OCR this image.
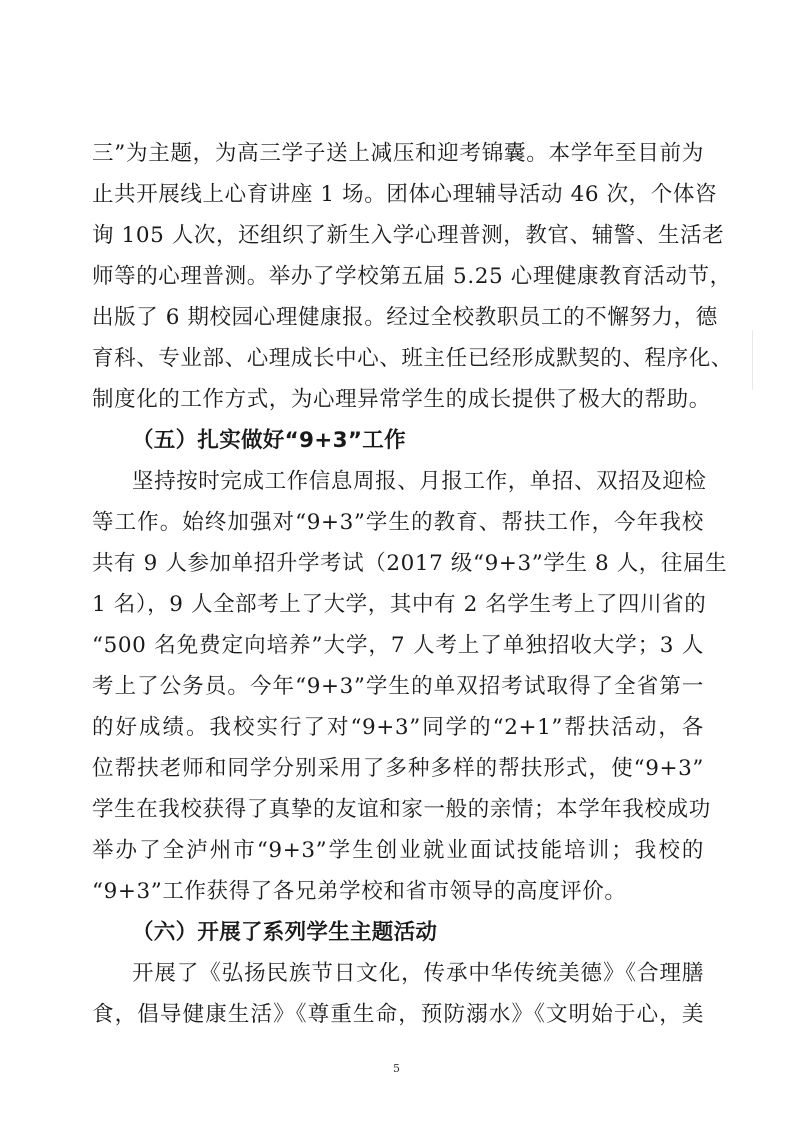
三”为主题，为高三学子送上减压和迎考锦囊。本学年至目前为
止共开展线上心育讲座 1 场。团体心理辅导活动 46 次，个体咨
询 105 人次，还组织了新生入学心理普测，教官、辅警、生活老
师等的心理普测。举办了学校第五届 5.25 心理健康教育活动节，
出版了 6 期校园心理健康报。经过全校教职员工的不懈努力，德
育科、专业部、心理成长中心、班主任已经形成默契的、程序化、
制度化的工作方式，为心理异常学生的成长提供了极大的帮助。
（五）扎实做好“9+3”工作
坚持按时完成工作信息周报、月报工作，单招、双招及迎检
等工作。始终加强对“9+3”学生的教育、帮扶工作，今年我校
共有 9 人参加单招升学考试（2017 级“9+3”学生 8 人，往届生
1 名），9 人全部考上了大学，其中有 2 名学生考上了四川省的
“500 名免费定向培养”大学，7 人考上了单独招收大学；3 人
考上了公务员。今年“9+3”学生的单双招考试取得了全省第一
的好成绩。我校实行了对“9+3”同学的“2+1”帮扶活动，各
位帮扶老师和同学分别采用了多种多样的帮扶形式，使“9+3”
学生在我校获得了真挚的友谊和家一般的亲情；本学年我校成功
举办了全泸州市“9+3”学生创业就业面试技能培训；我校的
“9+3”工作获得了各兄弟学校和省市领导的高度评价。
（六）开展了系列学生主题活动
开展了《弘扬民族节日文化，传承中华传统美德》《合理膳
食，倡导健康生活》《尊重生命，预防溺水》《文明始于心，美
5
